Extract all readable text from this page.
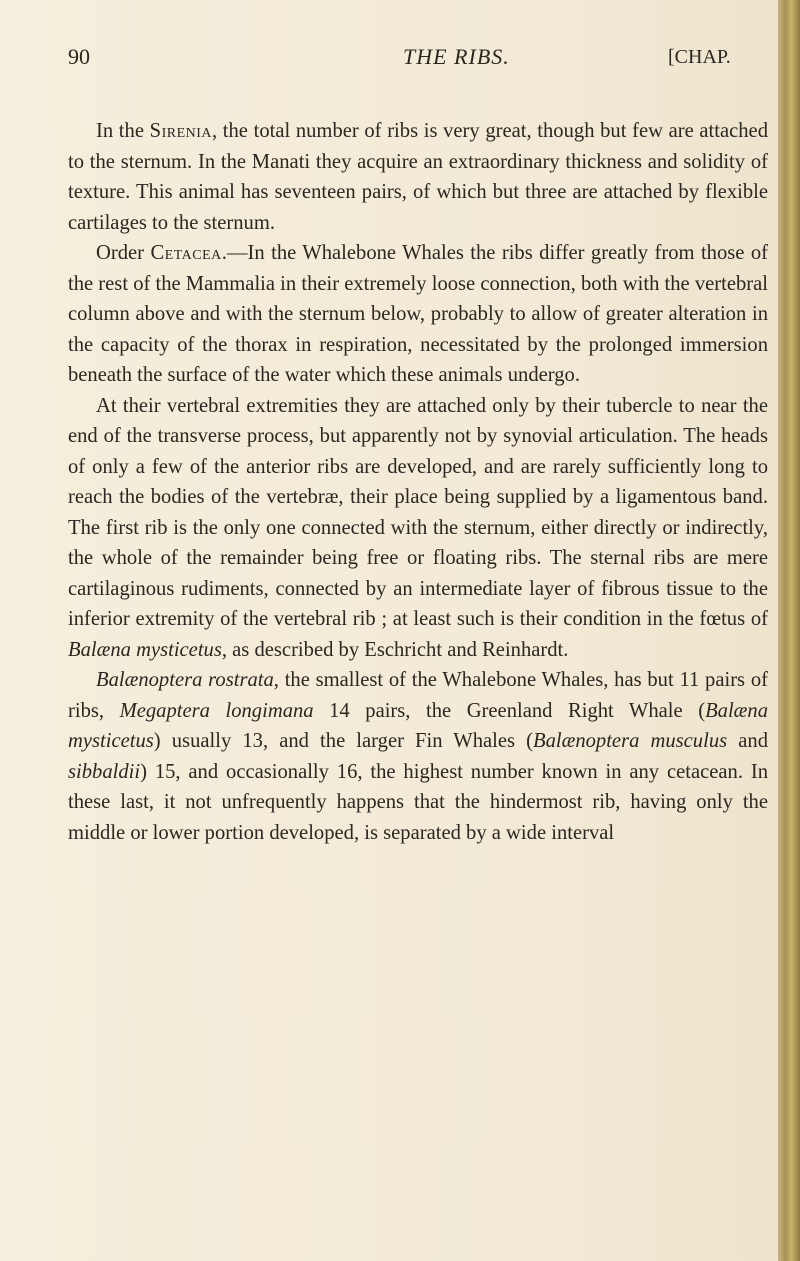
90	THE RIBS.	[CHAP.

In the Sirenia, the total number of ribs is very great, though but few are attached to the sternum. In the Manati they acquire an extraordinary thickness and solidity of texture. This animal has seventeen pairs, of which but three are attached by flexible cartilages to the sternum.

Order Cetacea.—In the Whalebone Whales the ribs differ greatly from those of the rest of the Mammalia in their extremely loose connection, both with the vertebral column above and with the sternum below, probably to allow of greater alteration in the capacity of the thorax in respiration, necessitated by the prolonged immersion beneath the surface of the water which these animals undergo.

At their vertebral extremities they are attached only by their tubercle to near the end of the transverse process, but apparently not by synovial articulation. The heads of only a few of the anterior ribs are developed, and are rarely sufficiently long to reach the bodies of the vertebræ, their place being supplied by a ligamentous band. The first rib is the only one connected with the sternum, either directly or indirectly, the whole of the remainder being free or floating ribs. The sternal ribs are mere cartilaginous rudiments, connected by an intermediate layer of fibrous tissue to the inferior extremity of the vertebral rib ; at least such is their condition in the fœtus of Balæna mysticetus, as described by Eschricht and Reinhardt.

Balænoptera rostrata, the smallest of the Whalebone Whales, has but 11 pairs of ribs, Megaptera longimana 14 pairs, the Greenland Right Whale (Balæna mysticetus) usually 13, and the larger Fin Whales (Balænoptera musculus and sibbaldii) 15, and occasionally 16, the highest number known in any cetacean. In these last, it not unfrequently happens that the hindermost rib, having only the middle or lower portion developed, is separated by a wide interval
